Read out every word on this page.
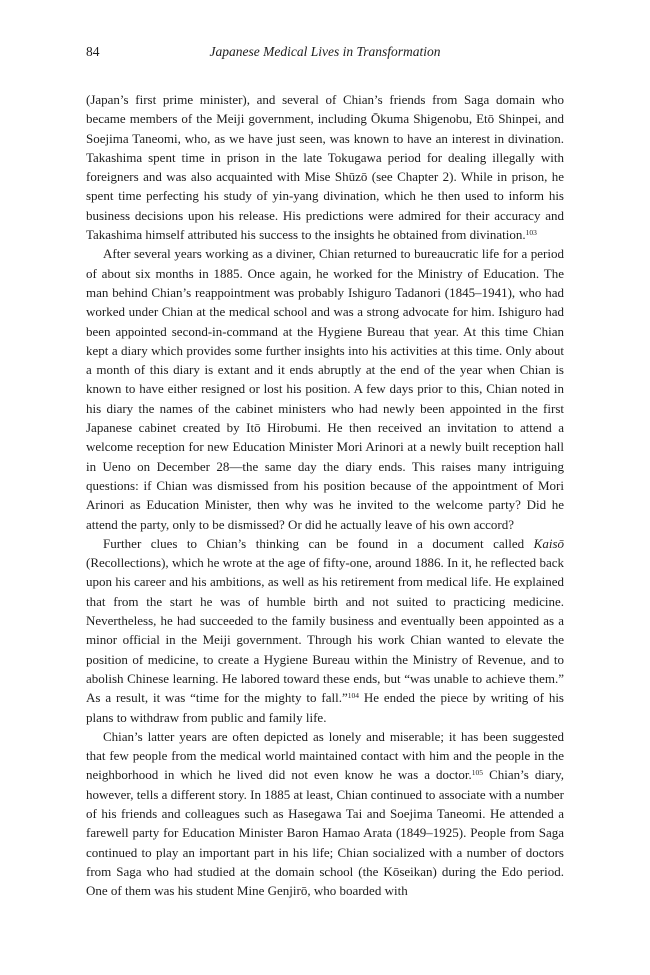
84	Japanese Medical Lives in Transformation

(Japan’s first prime minister), and several of Chian’s friends from Saga domain who became members of the Meiji government, including Ōkuma Shigenobu, Etō Shinpei, and Soejima Taneomi, who, as we have just seen, was known to have an interest in divination. Takashima spent time in prison in the late Tokugawa period for dealing illegally with foreigners and was also acquainted with Mise Shūzō (see Chapter 2). While in prison, he spent time perfecting his study of yin-yang divination, which he then used to inform his business decisions upon his release. His predictions were admired for their accuracy and Takashima himself attributed his success to the insights he obtained from divination.$^{103}$

After several years working as a diviner, Chian returned to bureaucratic life for a period of about six months in 1885. Once again, he worked for the Ministry of Education. The man behind Chian’s reappointment was probably Ishiguro Tadanori (1845–1941), who had worked under Chian at the medical school and was a strong advocate for him. Ishiguro had been appointed second-in-command at the Hygiene Bureau that year. At this time Chian kept a diary which provides some further insights into his activities at this time. Only about a month of this diary is extant and it ends abruptly at the end of the year when Chian is known to have either resigned or lost his position. A few days prior to this, Chian noted in his diary the names of the cabinet ministers who had newly been appointed in the first Japanese cabinet created by Itō Hirobumi. He then received an invitation to attend a welcome reception for new Education Minister Mori Arinori at a newly built reception hall in Ueno on December 28—the same day the diary ends. This raises many intriguing questions: if Chian was dismissed from his position because of the appointment of Mori Arinori as Education Minister, then why was he invited to the welcome party? Did he attend the party, only to be dismissed? Or did he actually leave of his own accord?

Further clues to Chian’s thinking can be found in a document called Kaisō (Recollections), which he wrote at the age of fifty-one, around 1886. In it, he reflected back upon his career and his ambitions, as well as his retirement from medical life. He explained that from the start he was of humble birth and not suited to practicing medicine. Nevertheless, he had succeeded to the family business and eventually been appointed as a minor official in the Meiji government. Through his work Chian wanted to elevate the position of medicine, to create a Hygiene Bureau within the Ministry of Revenue, and to abolish Chinese learning. He labored toward these ends, but “was unable to achieve them.” As a result, it was “time for the mighty to fall.”$^{104}$ He ended the piece by writing of his plans to withdraw from public and family life.

Chian’s latter years are often depicted as lonely and miserable; it has been suggested that few people from the medical world maintained contact with him and the people in the neighborhood in which he lived did not even know he was a doctor.$^{105}$ Chian’s diary, however, tells a different story. In 1885 at least, Chian continued to associate with a number of his friends and colleagues such as Hasegawa Tai and Soejima Taneomi. He attended a farewell party for Education Minister Baron Hamao Arata (1849–1925). People from Saga continued to play an important part in his life; Chian socialized with a number of doctors from Saga who had studied at the domain school (the Kōseikan) during the Edo period. One of them was his student Mine Genjirō, who boarded with
